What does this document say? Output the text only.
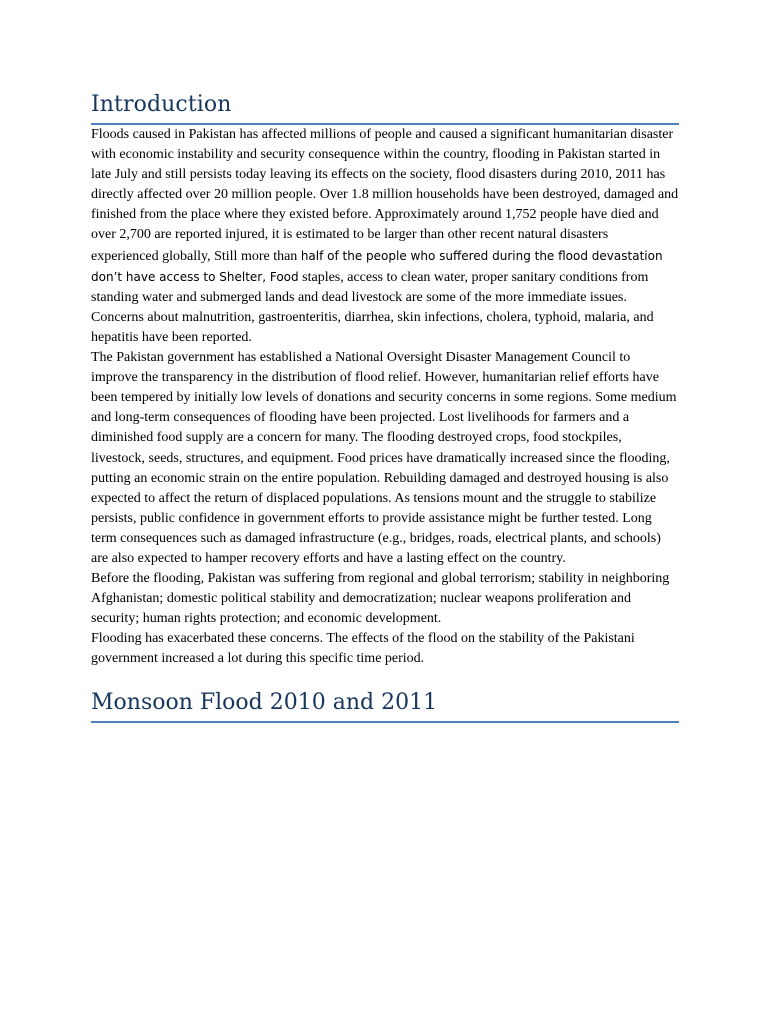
Introduction

Floods caused in Pakistan has affected millions of people and caused a significant humanitarian disaster with economic instability and security consequence within the country, flooding in Pakistan started in late July and still persists today leaving its effects on the society, flood disasters during 2010, 2011 has directly affected over 20 million people. Over 1.8 million households have been destroyed, damaged and finished from the place where they existed before. Approximately around 1,752 people have died and over 2,700 are reported injured, it is estimated to be larger than other recent natural disasters experienced globally, Still more than half of the people who suffered during the flood devastation don’t have access to Shelter, Food staples, access to clean water, proper sanitary conditions from standing water and submerged lands and dead livestock are some of the more immediate issues. Concerns about malnutrition, gastroenteritis, diarrhea, skin infections, cholera, typhoid, malaria, and hepatitis have been reported.

The Pakistan government has established a National Oversight Disaster Management Council to improve the transparency in the distribution of flood relief. However, humanitarian relief efforts have been tempered by initially low levels of donations and security concerns in some regions. Some medium and long-term consequences of flooding have been projected. Lost livelihoods for farmers and a diminished food supply are a concern for many. The flooding destroyed crops, food stockpiles, livestock, seeds, structures, and equipment. Food prices have dramatically increased since the flooding, putting an economic strain on the entire population. Rebuilding damaged and destroyed housing is also expected to affect the return of displaced populations. As tensions mount and the struggle to stabilize persists, public confidence in government efforts to provide assistance might be further tested. Long term consequences such as damaged infrastructure (e.g., bridges, roads, electrical plants, and schools) are also expected to hamper recovery efforts and have a lasting effect on the country.

Before the flooding, Pakistan was suffering from regional and global terrorism; stability in neighboring Afghanistan; domestic political stability and democratization; nuclear weapons proliferation and security; human rights protection; and economic development.

Flooding has exacerbated these concerns. The effects of the flood on the stability of the Pakistani government increased a lot during this specific time period.

Monsoon Flood 2010 and 2011
